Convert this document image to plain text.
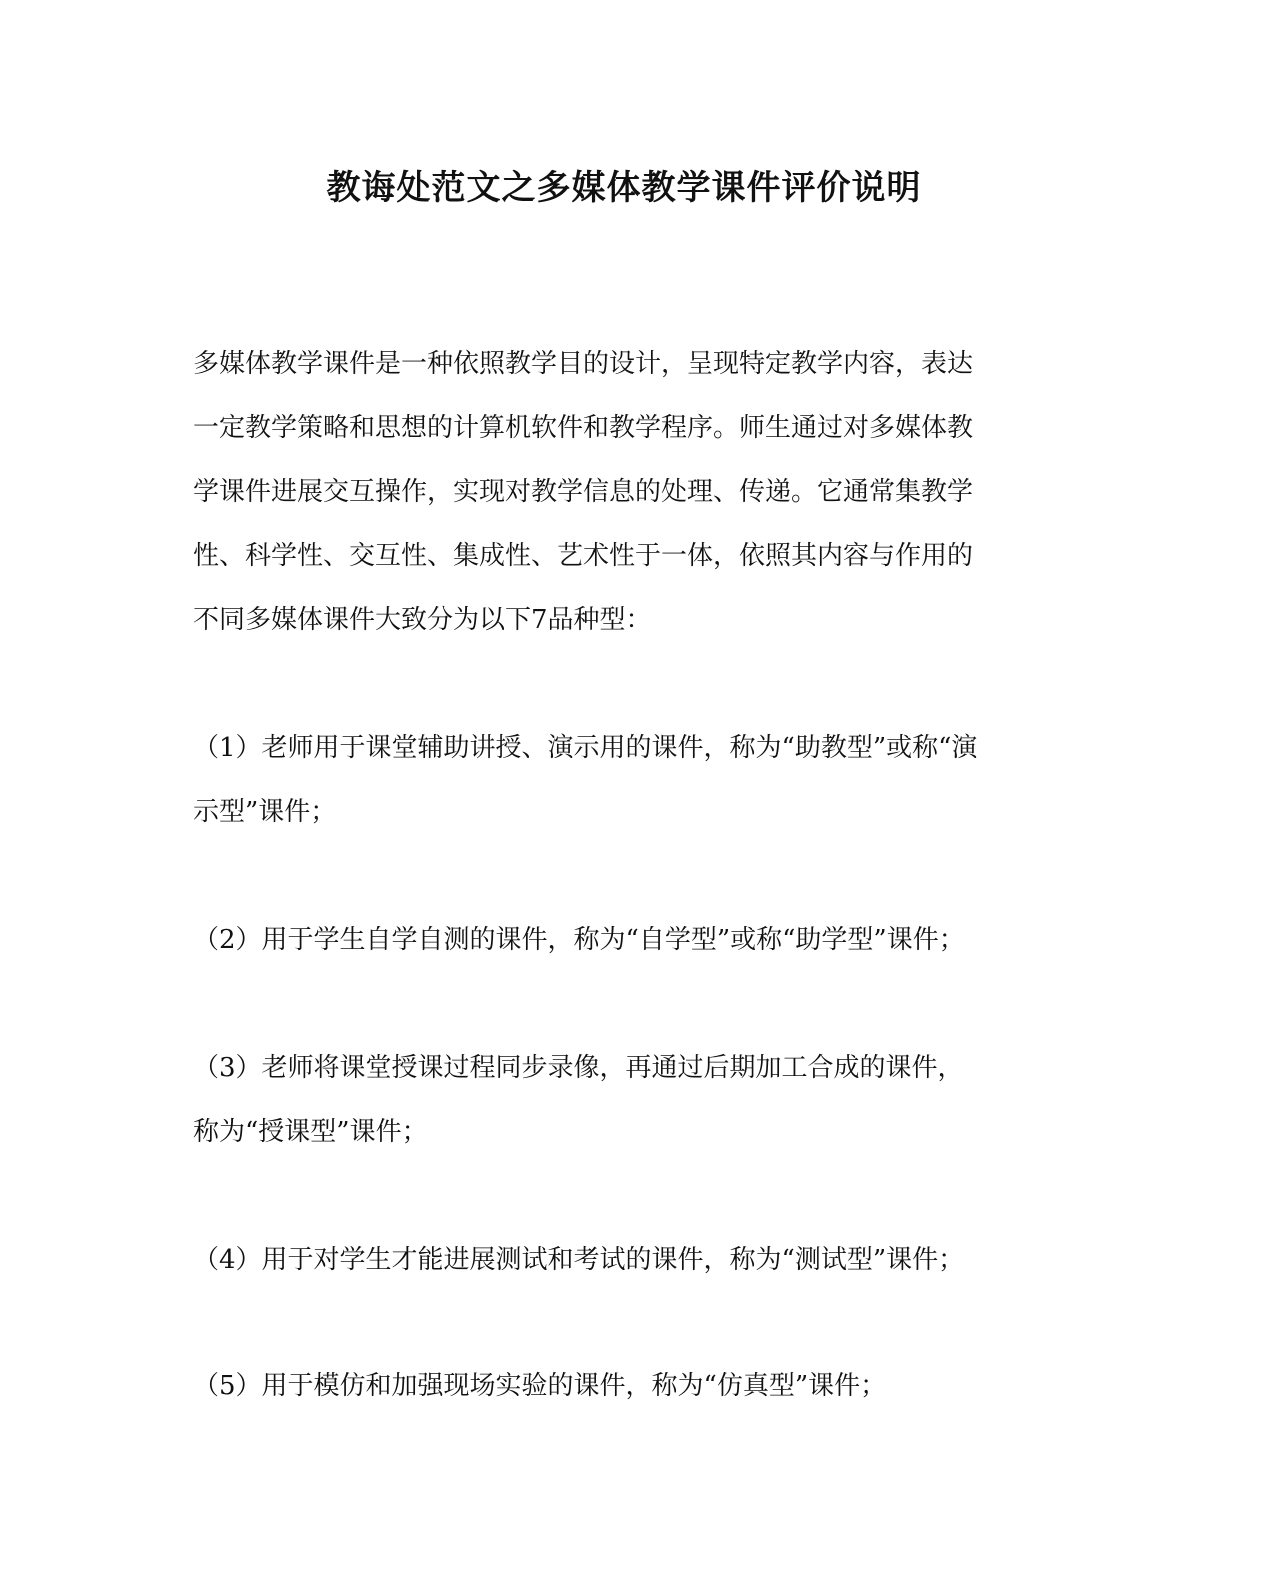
教诲处范文之多媒体教学课件评价说明

多媒体教学课件是一种依照教学目的设计，呈现特定教学内容，表达
一定教学策略和思想的计算机软件和教学程序。师生通过对多媒体教
学课件进展交互操作，实现对教学信息的处理、传递。它通常集教学
性、科学性、交互性、集成性、艺术性于一体，依照其内容与作用的
不同多媒体课件大致分为以下7品种型：

（1）老师用于课堂辅助讲授、演示用的课件，称为“助教型”或称“演
示型”课件；

（2）用于学生自学自测的课件，称为“自学型”或称“助学型”课件；

（3）老师将课堂授课过程同步录像，再通过后期加工合成的课件，
称为“授课型”课件；

（4）用于对学生才能进展测试和考试的课件，称为“测试型”课件；

（5）用于模仿和加强现场实验的课件，称为“仿真型”课件；
